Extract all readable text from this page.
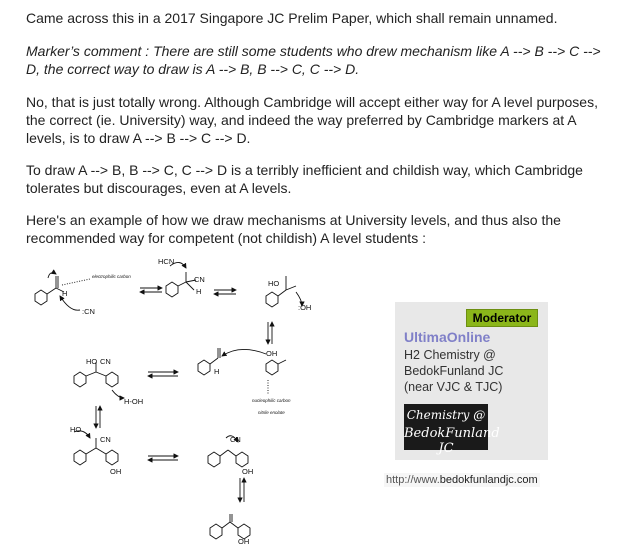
Came across this in a 2017 Singapore JC Prelim Paper, which shall remain unnamed.

Marker’s comment : There are still some students who drew mechanism like A --> B --> C --> D, the correct way to draw is A --> B, B --> C, C --> D.

No, that is just totally wrong. Although Cambridge will accept either way for A level purposes, the correct (ie. University) way, and indeed the way preferred by Cambridge markers at A levels, is to draw A --> B --> C --> D.

To draw A --> B, B --> C, C --> D is a terribly inefficient and childish way, which Cambridge tolerates but discourages, even at A levels.

Here's an example of how we draw mechanisms at University levels, and thus also the recommended way for competent (not childish) A level students :

electrophilic carbon
:CN
H
HCN
CN
H
HO
:OH
OH
H
nucleophilic carbon
nitrile enolate
HO CN
H-OH
HO
CN
OH
CN
OH
OH
Moderator
UltimaOnline
H2 Chemistry @
BedokFunland JC
(near VJC & TJC)
Chemistry @
BedokFunland JC
http://www.bedokfunlandjc.com
